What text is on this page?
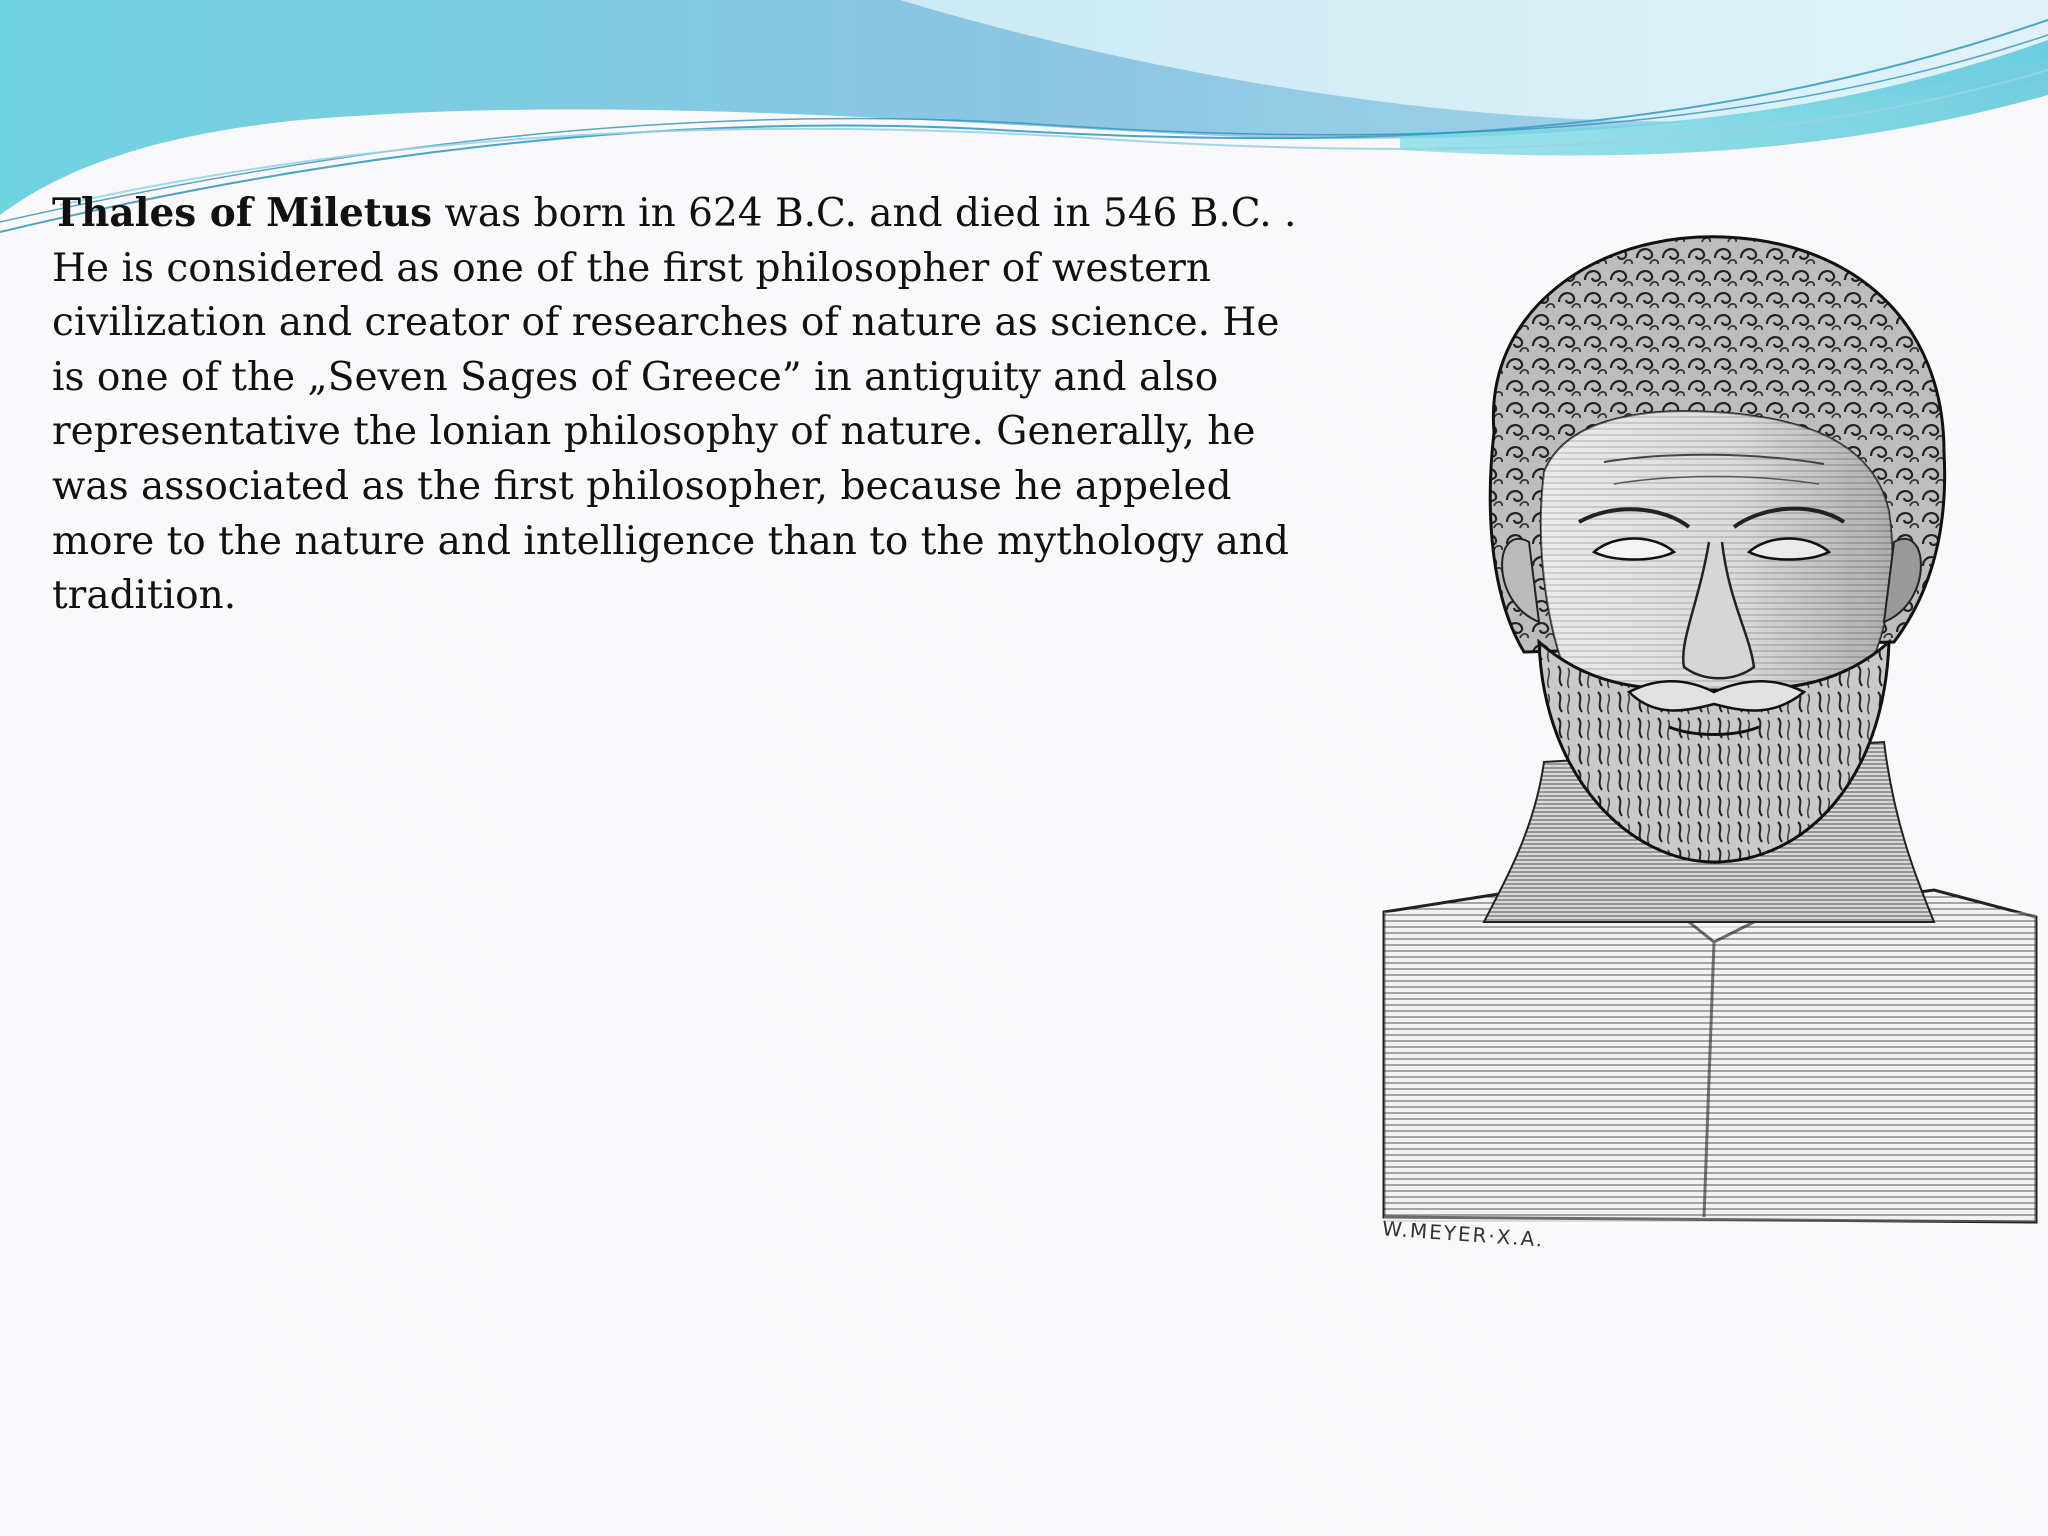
Thales of Miletus was born in 624 B.C. and died in 546 B.C. . He is considered as one of the first philosopher of western civilization and creator of researches of nature as science. He is one of the „Seven Sages of Greece” in antiguity and also representative the lonian philosophy of nature. Generally, he was associated as the first philosopher, because he appeled more to the nature and intelligence than to the mythology and tradition.

W.MEYER·X.A.
